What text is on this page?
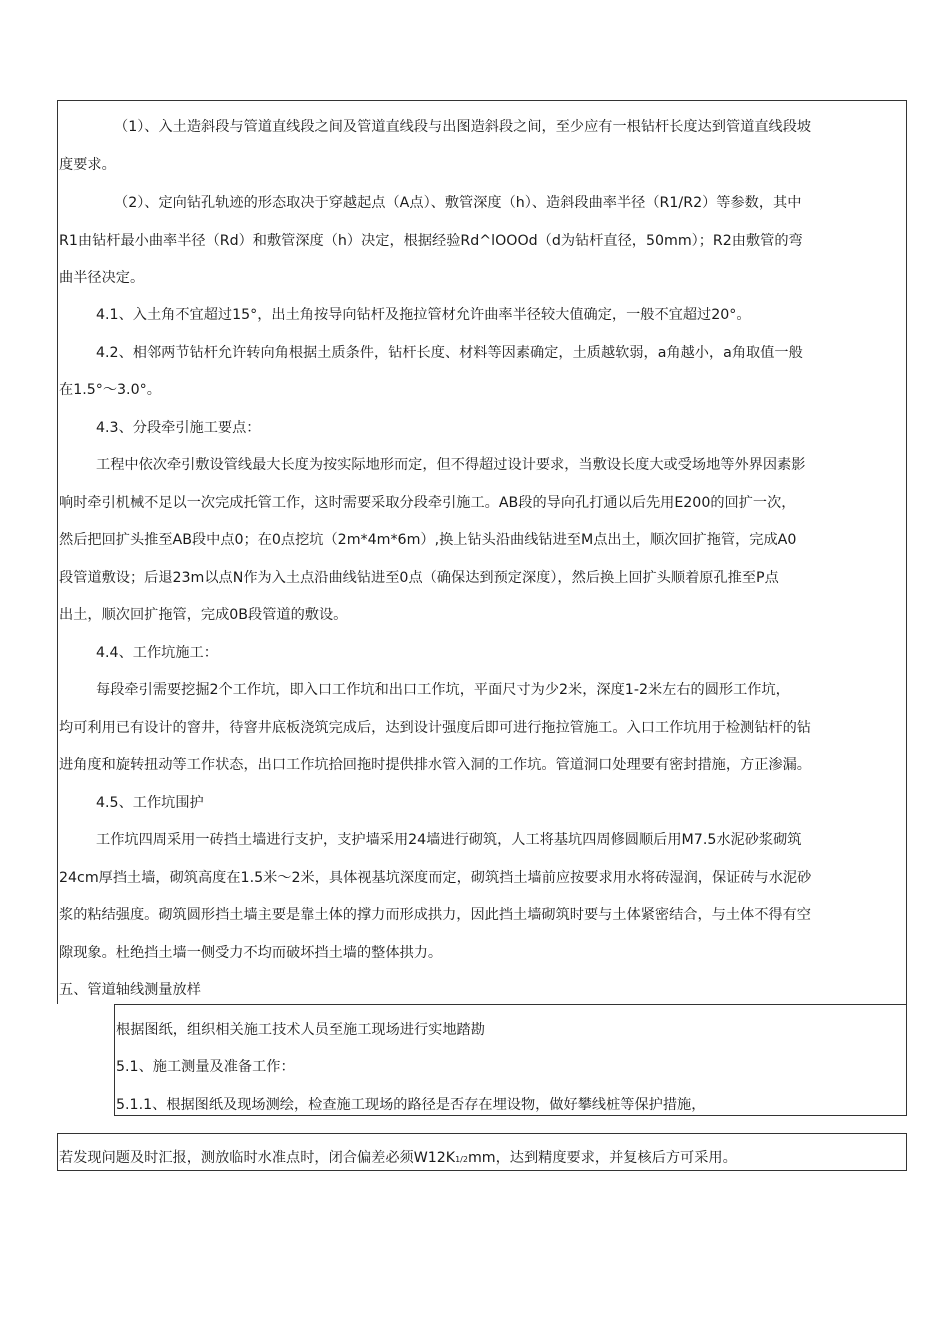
（1）、入土造斜段与管道直线段之间及管道直线段与出图造斜段之间，至少应有一根钻杆长度达到管道直线段坡
度要求。
（2）、定向钻孔轨迹的形态取决于穿越起点（A点）、敷管深度（h）、造斜段曲率半径（R1/R2）等参数，其中
R1由钻杆最小曲率半径（Rd）和敷管深度（h）决定，根据经验Rd^lOOOd（d为钻杆直径，50mm）；R2由敷管的弯
曲半径决定。
4.1、入土角不宜超过15°，出土角按导向钻杆及拖拉管材允许曲率半径较大值确定，一般不宜超过20°。
4.2、相邻两节钻杆允许转向角根据土质条件，钻杆长度、材料等因素确定，土质越软弱，a角越小，a角取值一般
在1.5°〜3.0°。
4.3、分段牵引施工要点：
工程中依次牵引敷设管线最大长度为按实际地形而定，但不得超过设计要求，当敷设长度大或受场地等外界因素影
响时牵引机械不足以一次完成托管工作，这时需要采取分段牵引施工。AB段的导向孔打通以后先用E200的回扩一次，
然后把回扩头推至AB段中点0；在0点挖坑（2m*4m*6m）,换上钻头沿曲线钻进至M点出土，顺次回扩拖管，完成A0
段管道敷设；后退23m以点N作为入土点沿曲线钻进至0点（确保达到预定深度），然后换上回扩头顺着原孔推至P点
出土，顺次回扩拖管，完成0B段管道的敷设。
4.4、工作坑施工：
每段牵引需要挖掘2个工作坑，即入口工作坑和出口工作坑，平面尺寸为少2米，深度1-2米左右的圆形工作坑，
均可利用已有设计的窨井，待窨井底板浇筑完成后，达到设计强度后即可进行拖拉管施工。入口工作坑用于检测钻杆的钻
进角度和旋转扭动等工作状态，出口工作坑拾回拖时提供排水管入洞的工作坑。管道洞口处理要有密封措施，方正渗漏。
4.5、工作坑围护
工作坑四周采用一砖挡土墙进行支护，支护墙采用24墙进行砌筑，人工将基坑四周修圆顺后用M7.5水泥砂浆砌筑
24cm厚挡土墙，砌筑高度在1.5米〜2米，具体视基坑深度而定，砌筑挡土墙前应按要求用水将砖湿润，保证砖与水泥砂
浆的粘结强度。砌筑圆形挡土墙主要是靠土体的撑力而形成拱力，因此挡土墙砌筑时要与土体紧密结合，与土体不得有空
隙现象。杜绝挡土墙一侧受力不均而破坏挡土墙的整体拱力。
五、管道轴线测量放样
根据图纸，组织相关施工技术人员至施工现场进行实地踏勘
5.1、施工测量及准备工作：
5.1.1、根据图纸及现场测绘，检查施工现场的路径是否存在埋设物，做好攀线桩等保护措施，
若发现问题及时汇报，测放临时水准点时，闭合偏差必须W12K1/2mm，达到精度要求，并复核后方可采用。
